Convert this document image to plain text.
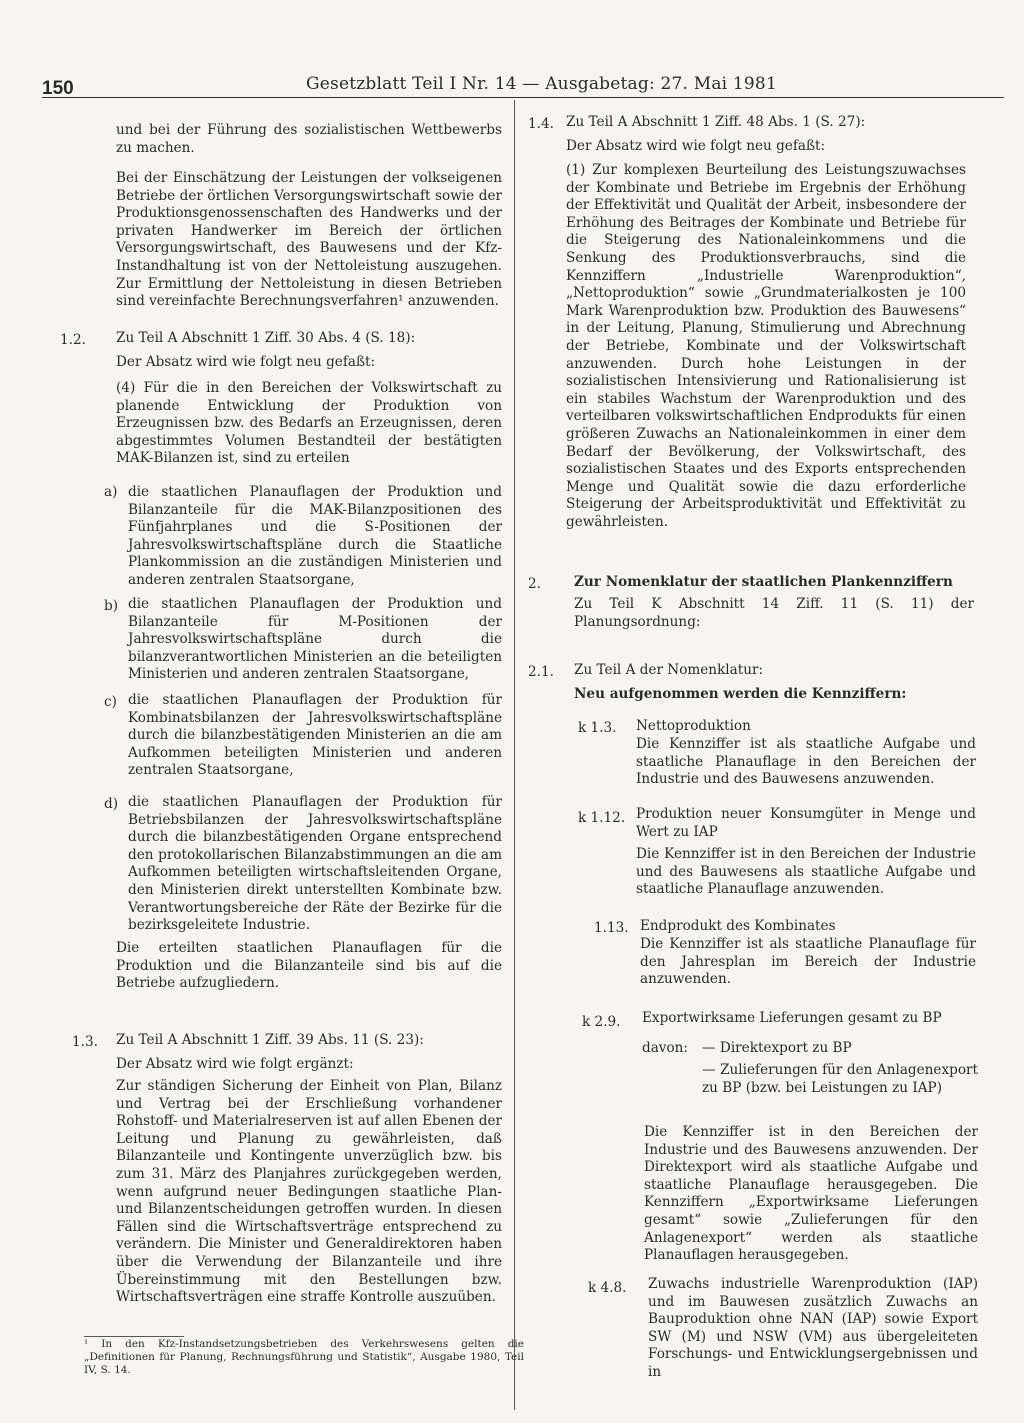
150	Gesetzblatt Teil I Nr. 14 — Ausgabetag: 27. Mai 1981

und bei der Führung des sozialistischen Wettbewerbs zu machen.

Bei der Einschätzung der Leistungen der volkseigenen Betriebe der örtlichen Versorgungswirtschaft sowie der Produktionsgenossenschaften des Handwerks und der privaten Handwerker im Bereich der örtlichen Versorgungswirtschaft, des Bauwesens und der Kfz-Instandhaltung ist von der Nettoleistung auszugehen. Zur Ermittlung der Nettoleistung in diesen Betrieben sind vereinfachte Berechnungsverfahren¹ anzuwenden.

1.2. Zu Teil A Abschnitt 1 Ziff. 30 Abs. 4 (S. 18):

Der Absatz wird wie folgt neu gefaßt:

(4) Für die in den Bereichen der Volkswirtschaft zu planende Entwicklung der Produktion von Erzeugnissen bzw. des Bedarfs an Erzeugnissen, deren abgestimmtes Volumen Bestandteil der bestätigten MAK-Bilanzen ist, sind zu erteilen

a) die staatlichen Planauflagen der Produktion und Bilanzanteile für die MAK-Bilanzpositionen des Fünfjahrplanes und die S-Positionen der Jahresvolkswirtschaftspläne durch die Staatliche Plankommission an die zuständigen Ministerien und anderen zentralen Staatsorgane,

b) die staatlichen Planauflagen der Produktion und Bilanzanteile für M-Positionen der Jahresvolkswirtschaftspläne durch die bilanzverantwortlichen Ministerien an die beteiligten Ministerien und anderen zentralen Staatsorgane,

c) die staatlichen Planauflagen der Produktion für Kombinatsbilanzen der Jahresvolkswirtschaftspläne durch die bilanzbestätigenden Ministerien an die am Aufkommen beteiligten Ministerien und anderen zentralen Staatsorgane,

d) die staatlichen Planauflagen der Produktion für Betriebsbilanzen der Jahresvolkswirtschaftspläne durch die bilanzbestätigenden Organe entsprechend den protokollarischen Bilanzabstimmungen an die am Aufkommen beteiligten wirtschaftsleitenden Organe, den Ministerien direkt unterstellten Kombinate bzw. Verantwortungsbereiche der Räte der Bezirke für die bezirksgeleitete Industrie.

Die erteilten staatlichen Planauflagen für die Produktion und die Bilanzanteile sind bis auf die Betriebe aufzugliedern.

1.3. Zu Teil A Abschnitt 1 Ziff. 39 Abs. 11 (S. 23):

Der Absatz wird wie folgt ergänzt:

Zur ständigen Sicherung der Einheit von Plan, Bilanz und Vertrag bei der Erschließung vorhandener Rohstoff- und Materialreserven ist auf allen Ebenen der Leitung und Planung zu gewährleisten, daß Bilanzanteile und Kontingente unverzüglich bzw. bis zum 31. März des Planjahres zurückgegeben werden, wenn aufgrund neuer Bedingungen staatliche Plan- und Bilanzentscheidungen getroffen wurden. In diesen Fällen sind die Wirtschaftsverträge entsprechend zu verändern. Die Minister und Generaldirektoren haben über die Verwendung der Bilanzanteile und ihre Übereinstimmung mit den Bestellungen bzw. Wirtschaftsverträgen eine straffe Kontrolle auszuüben.

¹ In den Kfz-Instandsetzungsbetrieben des Verkehrswesens gelten die „Definitionen für Planung, Rechnungsführung und Statistik“, Ausgabe 1980, Teil IV, S. 14.

1.4. Zu Teil A Abschnitt 1 Ziff. 48 Abs. 1 (S. 27):

Der Absatz wird wie folgt neu gefaßt:

(1) Zur komplexen Beurteilung des Leistungszuwachses der Kombinate und Betriebe im Ergebnis der Erhöhung der Effektivität und Qualität der Arbeit, insbesondere der Erhöhung des Beitrages der Kombinate und Betriebe für die Steigerung des Nationaleinkommens und die Senkung des Produktionsverbrauchs, sind die Kennziffern „Industrielle Warenproduktion“, „Nettoproduktion“ sowie „Grundmaterialkosten je 100 Mark Warenproduktion bzw. Produktion des Bauwesens“ in der Leitung, Planung, Stimulierung und Abrechnung der Betriebe, Kombinate und der Volkswirtschaft anzuwenden. Durch hohe Leistungen in der sozialistischen Intensivierung und Rationalisierung ist ein stabiles Wachstum der Warenproduktion und des verteilbaren volkswirtschaftlichen Endprodukts für einen größeren Zuwachs an Nationaleinkommen in einer dem Bedarf der Bevölkerung, der Volkswirtschaft, des sozialistischen Staates und des Exports entsprechenden Menge und Qualität sowie die dazu erforderliche Steigerung der Arbeitsproduktivität und Effektivität zu gewährleisten.

2. Zur Nomenklatur der staatlichen Plankennziffern

Zu Teil K Abschnitt 14 Ziff. 11 (S. 11) der Planungsordnung:

2.1. Zu Teil A der Nomenklatur:

Neu aufgenommen werden die Kennziffern:

k 1.3. Nettoproduktion

Die Kennziffer ist als staatliche Aufgabe und staatliche Planauflage in den Bereichen der Industrie und des Bauwesens anzuwenden.

k 1.12. Produktion neuer Konsumgüter in Menge und Wert zu IAP

Die Kennziffer ist in den Bereichen der Industrie und des Bauwesens als staatliche Aufgabe und staatliche Planauflage anzuwenden.

1.13. Endprodukt des Kombinates

Die Kennziffer ist als staatliche Planauflage für den Jahresplan im Bereich der Industrie anzuwenden.

k 2.9. Exportwirksame Lieferungen gesamt zu BP

davon: — Direktexport zu BP

— Zulieferungen für den Anlagenexport zu BP (bzw. bei Leistungen zu IAP)

Die Kennziffer ist in den Bereichen der Industrie und des Bauwesens anzuwenden. Der Direktexport wird als staatliche Aufgabe und staatliche Planauflage herausgegeben. Die Kennziffern „Exportwirksame Lieferungen gesamt“ sowie „Zulieferungen für den Anlagenexport“ werden als staatliche Planauflagen herausgegeben.

k 4.8. Zuwachs industrielle Warenproduktion (IAP) und im Bauwesen zusätzlich Zuwachs an Bauproduktion ohne NAN (IAP) sowie Export SW (M) und NSW (VM) aus übergeleiteten Forschungs- und Entwicklungsergebnissen und in
